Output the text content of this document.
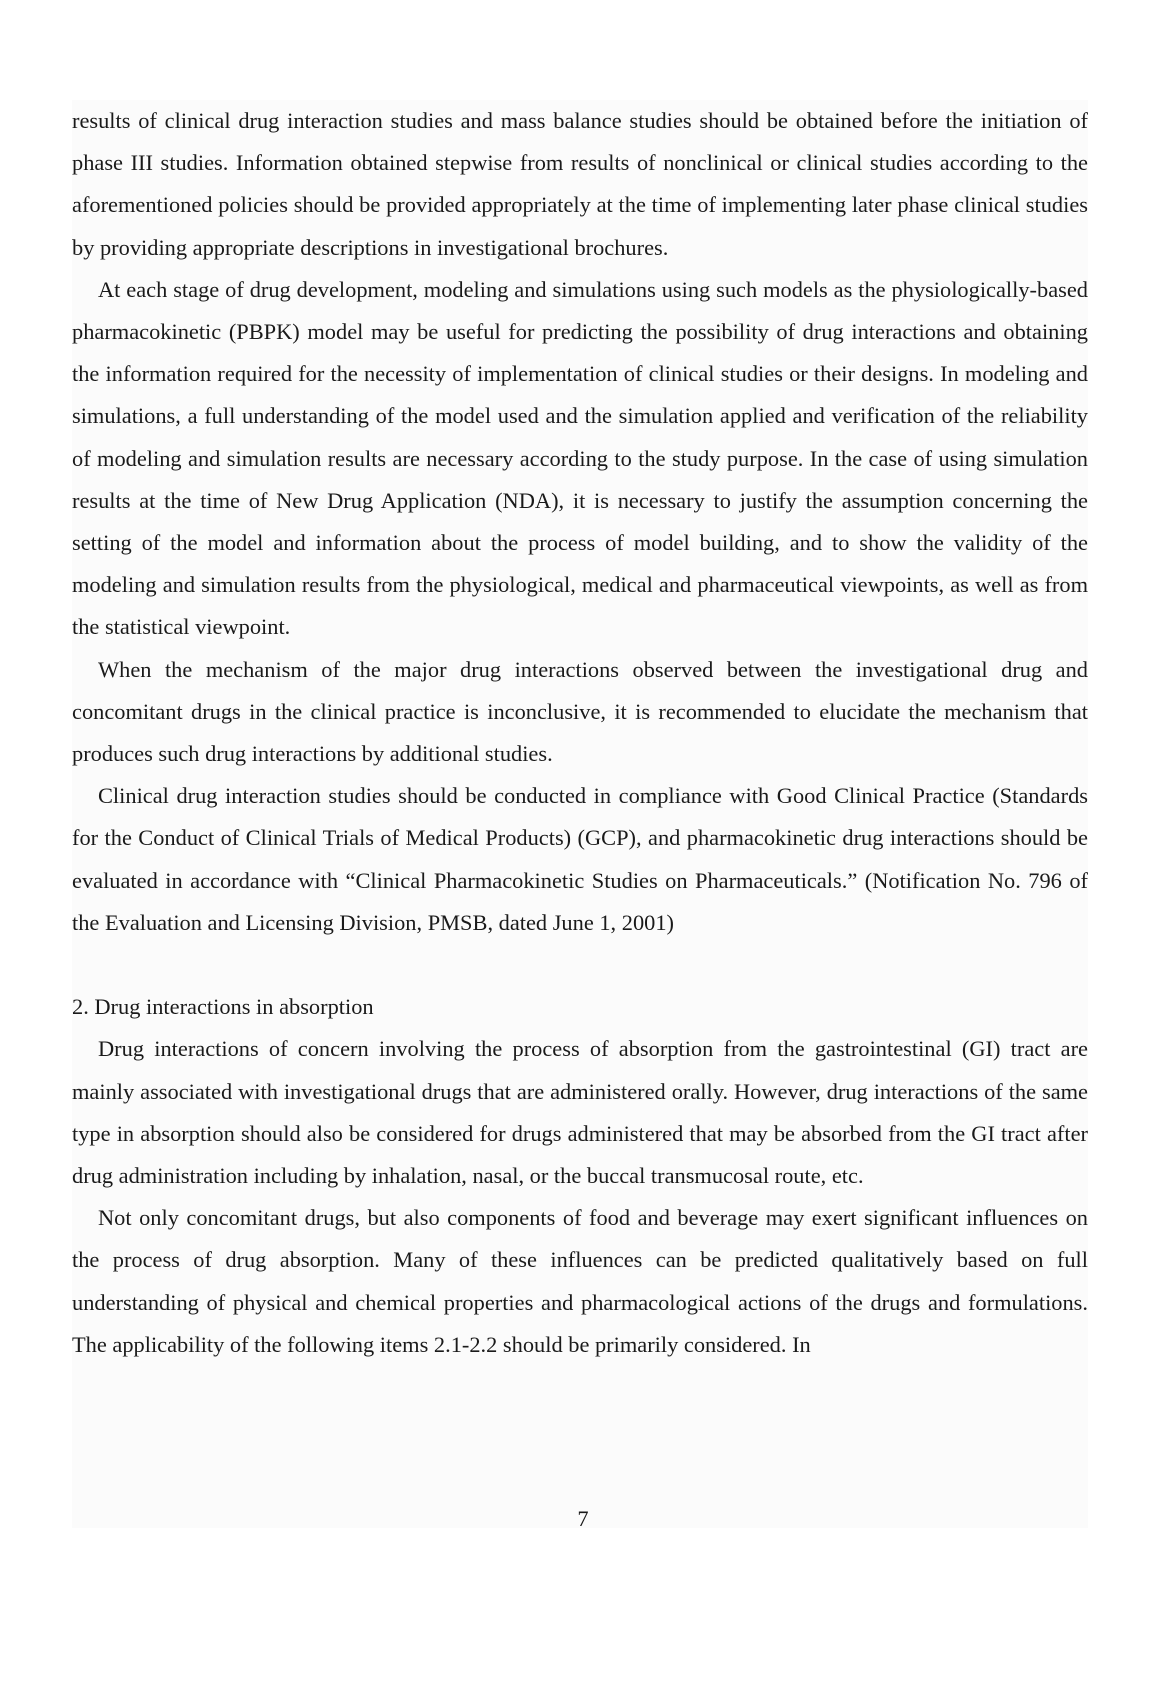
results of clinical drug interaction studies and mass balance studies should be obtained before the initiation of phase III studies. Information obtained stepwise from results of nonclinical or clinical studies according to the aforementioned policies should be provided appropriately at the time of implementing later phase clinical studies by providing appropriate descriptions in investigational brochures.

At each stage of drug development, modeling and simulations using such models as the physiologically-based pharmacokinetic (PBPK) model may be useful for predicting the possibility of drug interactions and obtaining the information required for the necessity of implementation of clinical studies or their designs. In modeling and simulations, a full understanding of the model used and the simulation applied and verification of the reliability of modeling and simulation results are necessary according to the study purpose. In the case of using simulation results at the time of New Drug Application (NDA), it is necessary to justify the assumption concerning the setting of the model and information about the process of model building, and to show the validity of the modeling and simulation results from the physiological, medical and pharmaceutical viewpoints, as well as from the statistical viewpoint.

When the mechanism of the major drug interactions observed between the investigational drug and concomitant drugs in the clinical practice is inconclusive, it is recommended to elucidate the mechanism that produces such drug interactions by additional studies.

Clinical drug interaction studies should be conducted in compliance with Good Clinical Practice (Standards for the Conduct of Clinical Trials of Medical Products) (GCP), and pharmacokinetic drug interactions should be evaluated in accordance with “Clinical Pharmacokinetic Studies on Pharmaceuticals.” (Notification No. 796 of the Evaluation and Licensing Division, PMSB, dated June 1, 2001)

2. Drug interactions in absorption

Drug interactions of concern involving the process of absorption from the gastrointestinal (GI) tract are mainly associated with investigational drugs that are administered orally. However, drug interactions of the same type in absorption should also be considered for drugs administered that may be absorbed from the GI tract after drug administration including by inhalation, nasal, or the buccal transmucosal route, etc.

Not only concomitant drugs, but also components of food and beverage may exert significant influences on the process of drug absorption. Many of these influences can be predicted qualitatively based on full understanding of physical and chemical properties and pharmacological actions of the drugs and formulations. The applicability of the following items 2.1-2.2 should be primarily considered. In

7
